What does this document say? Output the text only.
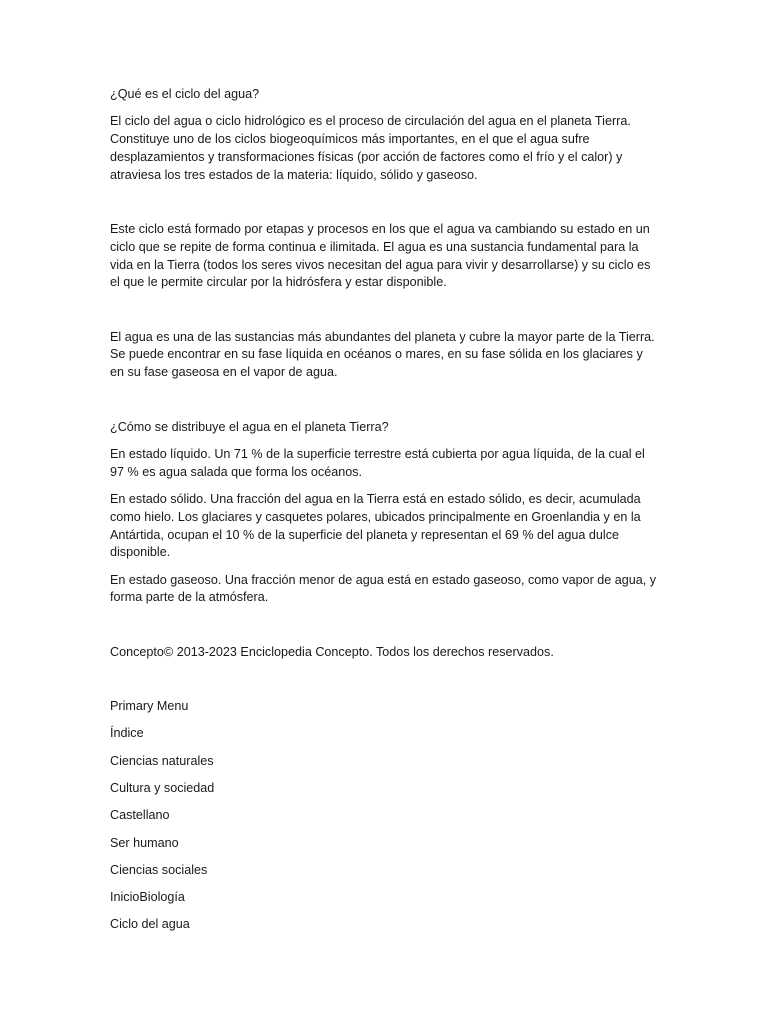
¿Qué es el ciclo del agua?

El ciclo del agua o ciclo hidrológico es el proceso de circulación del agua en el planeta Tierra. Constituye uno de los ciclos biogeoquímicos más importantes, en el que el agua sufre desplazamientos y transformaciones físicas (por acción de factores como el frío y el calor) y atraviesa los tres estados de la materia: líquido, sólido y gaseoso.

Este ciclo está formado por etapas y procesos en los que el agua va cambiando su estado en un ciclo que se repite de forma continua e ilimitada. El agua es una sustancia fundamental para la vida en la Tierra (todos los seres vivos necesitan del agua para vivir y desarrollarse) y su ciclo es el que le permite circular por la hidrósfera y estar disponible.

El agua es una de las sustancias más abundantes del planeta y cubre la mayor parte de la Tierra. Se puede encontrar en su fase líquida en océanos o mares, en su fase sólida en los glaciares y en su fase gaseosa en el vapor de agua.

¿Cómo se distribuye el agua en el planeta Tierra?

En estado líquido. Un 71 % de la superficie terrestre está cubierta por agua líquida, de la cual el 97 % es agua salada que forma los océanos.

En estado sólido. Una fracción del agua en la Tierra está en estado sólido, es decir, acumulada como hielo. Los glaciares y casquetes polares, ubicados principalmente en Groenlandia y en la Antártida, ocupan el 10 % de la superficie del planeta y representan el 69 % del agua dulce disponible.

En estado gaseoso. Una fracción menor de agua está en estado gaseoso, como vapor de agua, y forma parte de la atmósfera.

Concepto© 2013-2023 Enciclopedia Concepto. Todos los derechos reservados.

Primary Menu

Índice

Ciencias naturales

Cultura y sociedad

Castellano

Ser humano

Ciencias sociales

InicioBiología

Ciclo del agua
